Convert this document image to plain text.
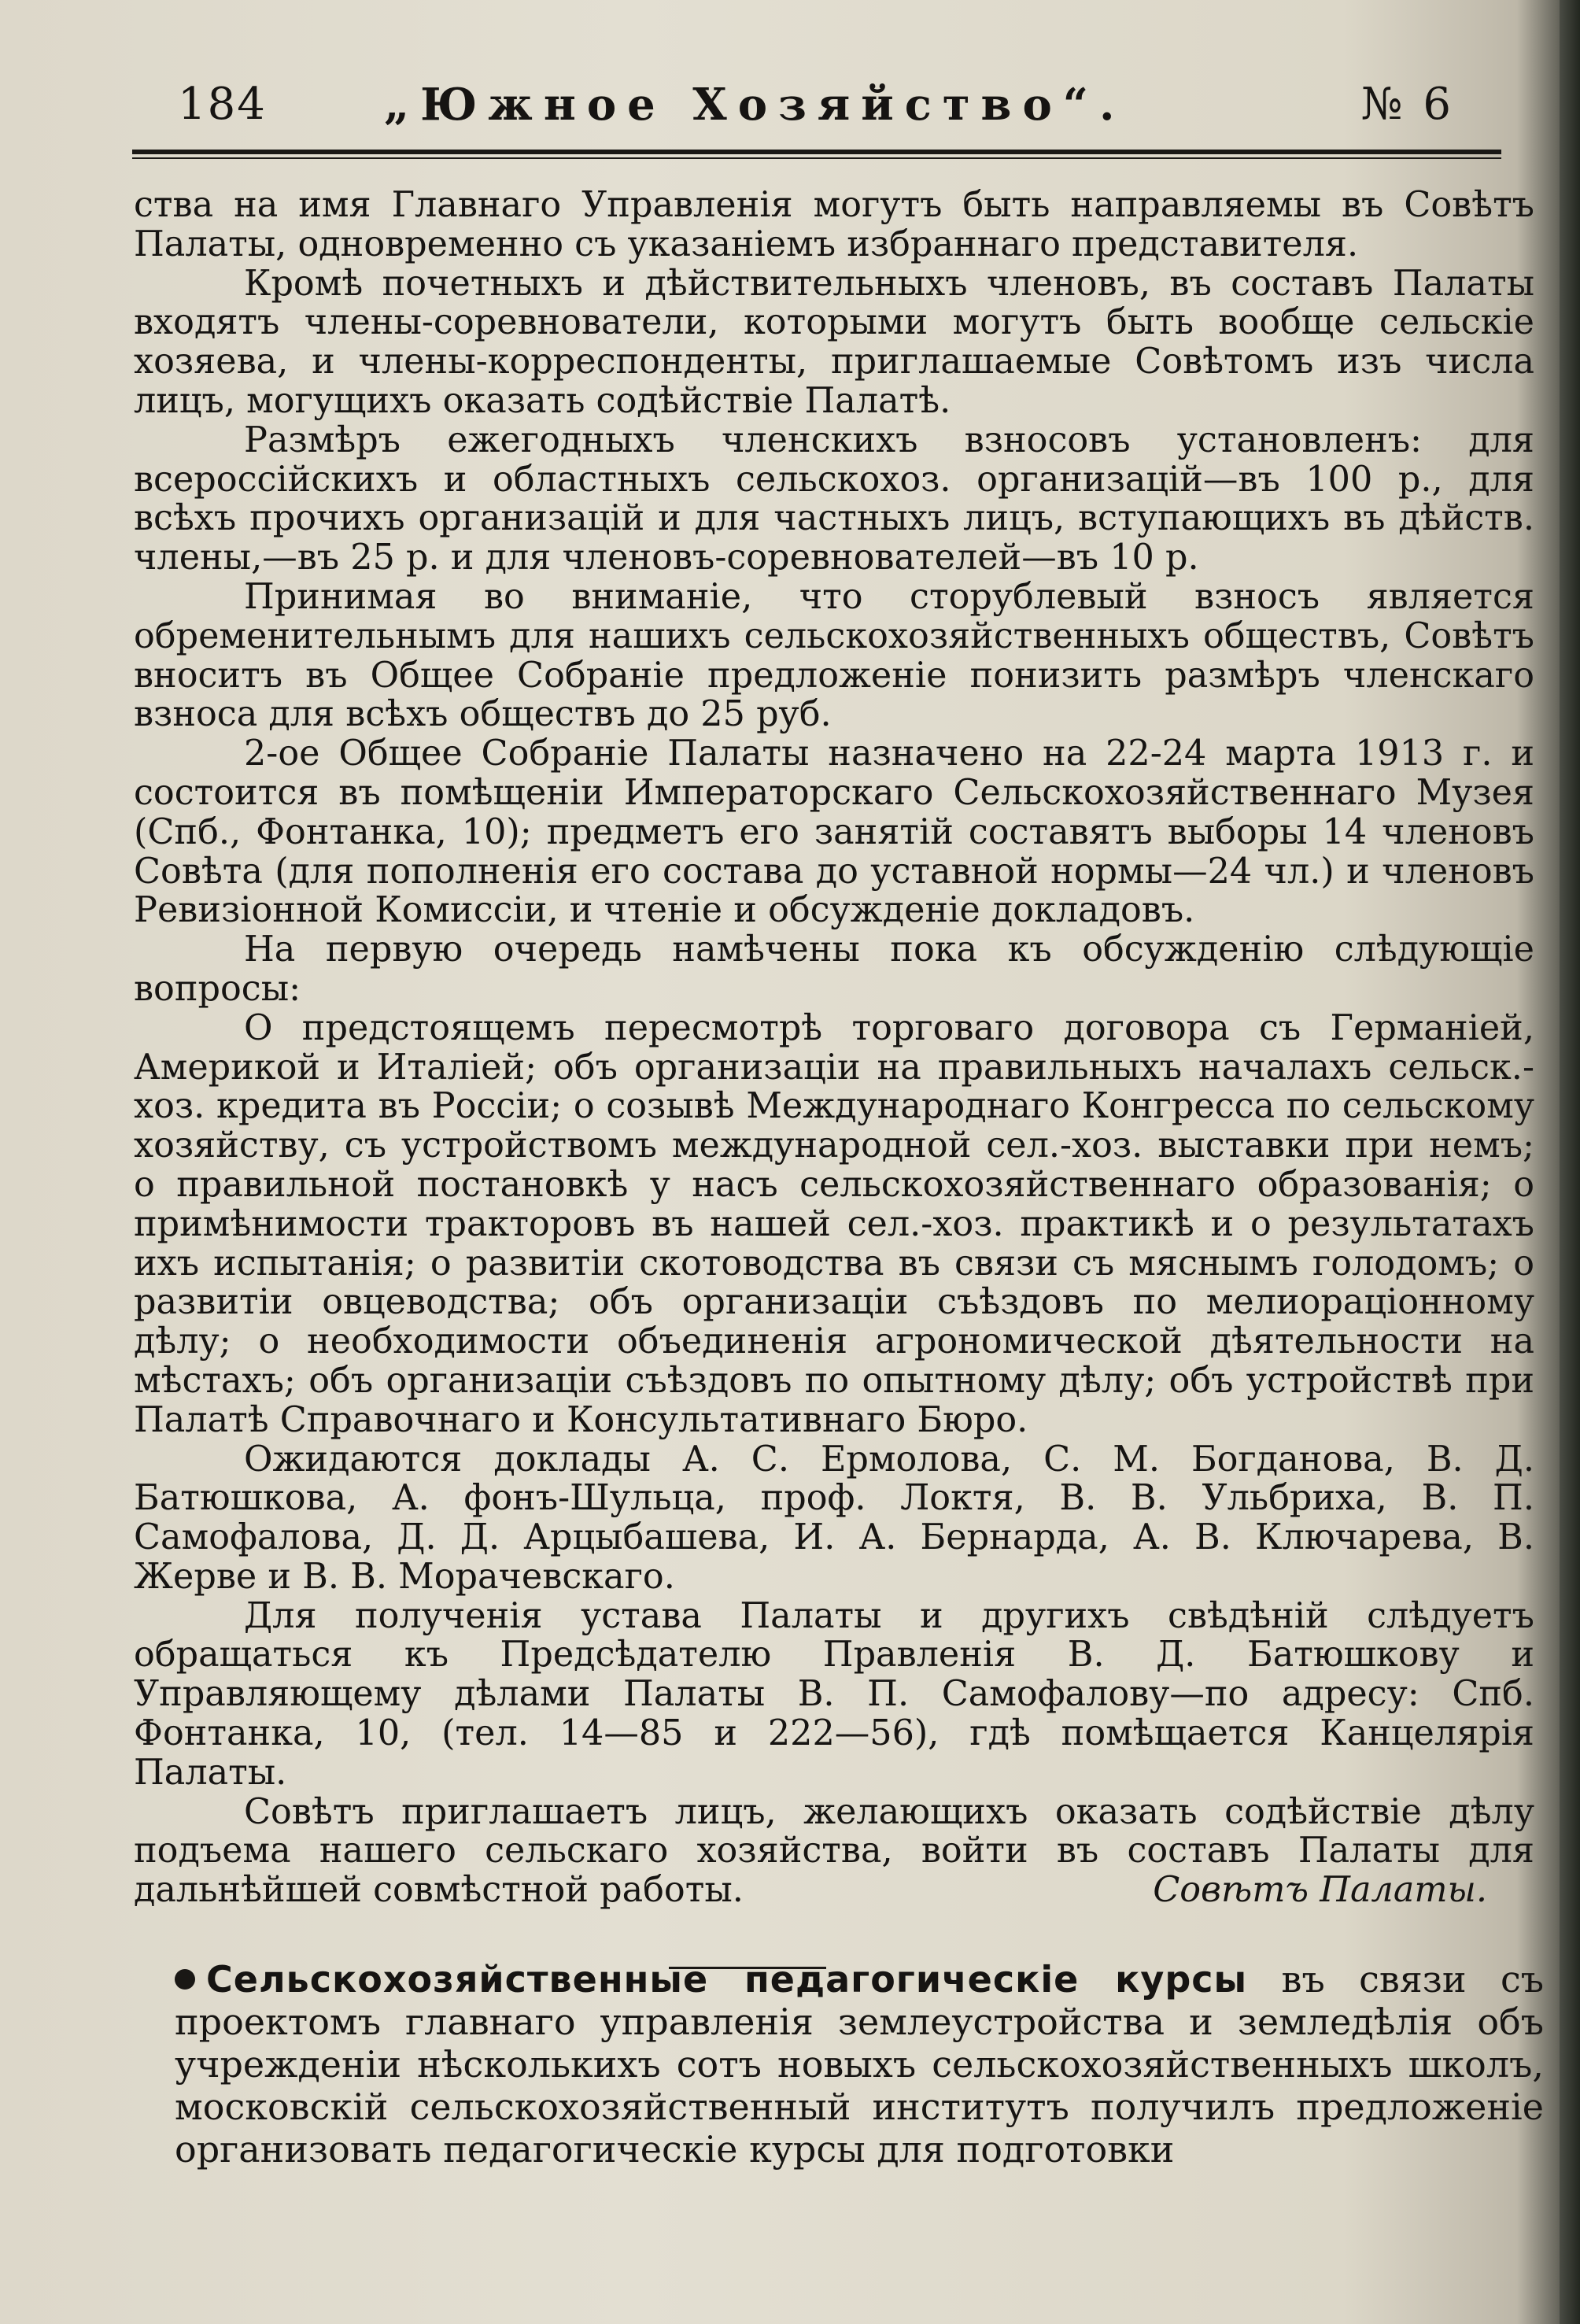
184	„Южное Хозяйство“.	№ 6

ства на имя Главнаго Управленія могутъ быть направляемы въ Совѣтъ Палаты, одновременно съ указаніемъ избраннаго представителя.

Кромѣ почетныхъ и дѣйствительныхъ членовъ, въ составъ Палаты входятъ члены-соревнователи, которыми могутъ быть вообще сельскіе хозяева, и члены-корреспонденты, приглашаемые Совѣтомъ изъ числа лицъ, могущихъ оказать содѣйствіе Палатѣ.

Размѣръ ежегодныхъ членскихъ взносовъ установленъ: для всероссійскихъ и областныхъ сельскохоз. организацій—въ 100 р., для всѣхъ прочихъ организацій и для частныхъ лицъ, вступающихъ въ дѣйств. члены,—въ 25 р. и для членовъ-соревнователей—въ 10 р.

Принимая во вниманіе, что сторублевый взносъ является обременительнымъ для нашихъ сельскохозяйственныхъ обществъ, Совѣтъ вноситъ въ Общее Собраніе предложеніе понизить размѣръ членскаго взноса для всѣхъ обществъ до 25 руб.

2-ое Общее Собраніе Палаты назначено на 22-24 марта 1913 г. и состоится въ помѣщеніи Императорскаго Сельскохозяйственнаго Музея (Спб., Фонтанка, 10); предметъ его занятій составятъ выборы 14 членовъ Совѣта (для пополненія его состава до уставной нормы—24 чл.) и членовъ Ревизіонной Комиссіи, и чтеніе и обсужденіе докладовъ.

На первую очередь намѣчены пока къ обсужденію слѣдующіе вопросы:

О предстоящемъ пересмотрѣ торговаго договора съ Германіей, Америкой и Италіей; объ организаціи на правильныхъ началахъ сельск.-хоз. кредита въ Россіи; о созывѣ Международнаго Конгресса по сельскому хозяйству, съ устройствомъ международной сел.-хоз. выставки при немъ; о правильной постановкѣ у насъ сельскохозяйственнаго образованія; о примѣнимости тракторовъ въ нашей сел.-хоз. практикѣ и о результатахъ ихъ испытанія; о развитіи скотоводства въ связи съ мяснымъ голодомъ; о развитіи овцеводства; объ организаціи съѣздовъ по мелиораціонному дѣлу; о необходимости объединенія агрономической дѣятельности на мѣстахъ; объ организаціи съѣздовъ по опытному дѣлу; объ устройствѣ при Палатѣ Справочнаго и Консультативнаго Бюро.

Ожидаются доклады А. С. Ермолова, С. М. Богданова, В. Д. Батюшкова, А. фонъ-Шульца, проф. Локтя, В. В. Ульбриха, В. П. Самофалова, Д. Д. Арцыбашева, И. А. Бернарда, А. В. Ключарева, В. Жерве и В. В. Морачевскаго.

Для полученія устава Палаты и другихъ свѣдѣній слѣдуетъ обращаться къ Предсѣдателю Правленія В. Д. Батюшкову и Управляющему дѣлами Палаты В. П. Самофалову—по адресу: Спб. Фонтанка, 10, (тел. 14—85 и 222—56), гдѣ помѣщается Канцелярія Палаты.

Совѣтъ приглашаетъ лицъ, желающихъ оказать содѣйствіе дѣлу подъема нашего сельскаго хозяйства, войти въ составъ Палаты для дальнѣйшей совмѣстной работы.	Совѣтъ Палаты.

Сельскохозяйственные педагогическіе курсы въ связи съ проектомъ главнаго управленія землеустройства и земледѣлія объ учрежденіи нѣсколькихъ сотъ новыхъ сельскохозяйственныхъ школъ, московскій сельскохозяйственный институтъ получилъ предложеніе организовать педагогическіе курсы для подготовки
